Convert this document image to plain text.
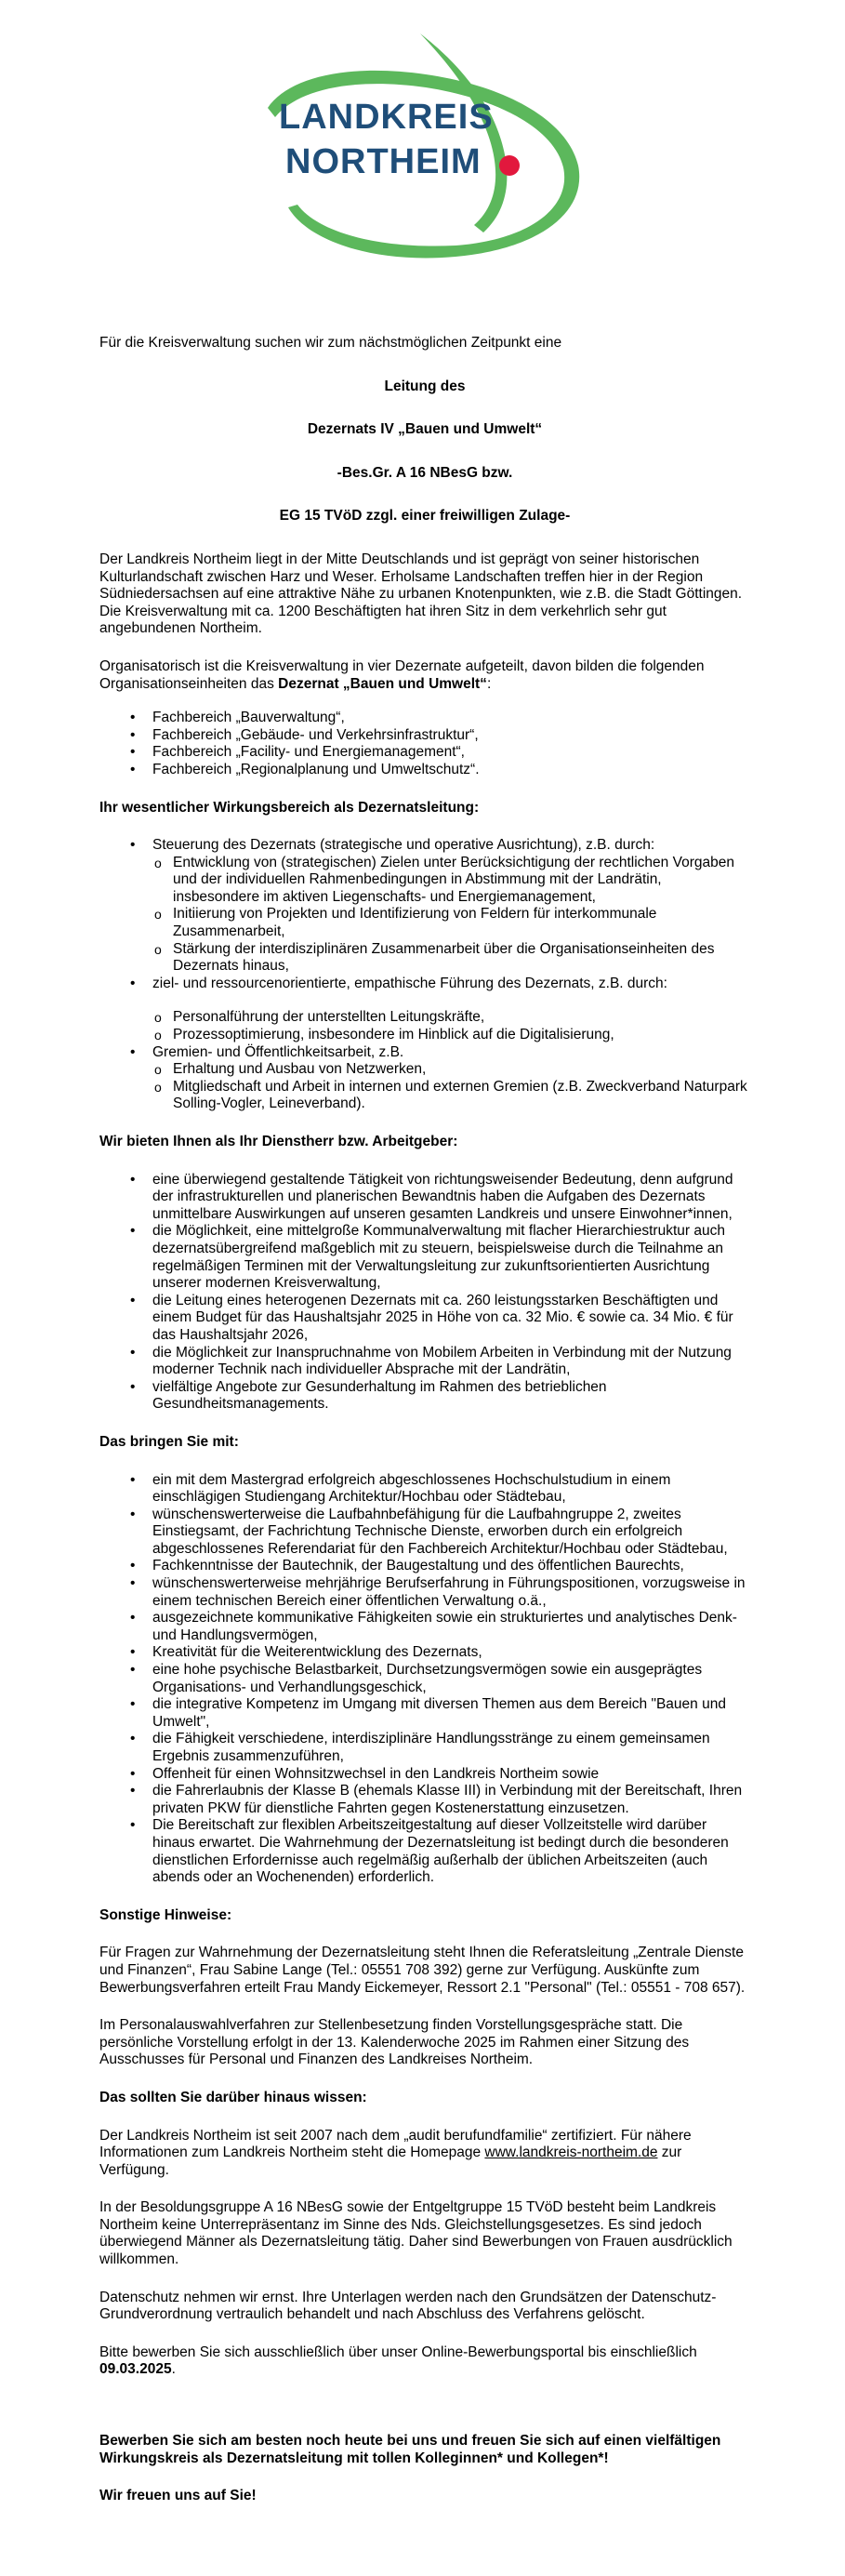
LANDKREIS
NORTHEIM

Für die Kreisverwaltung suchen wir zum nächstmöglichen Zeitpunkt eine

Leitung des

Dezernats IV „Bauen und Umwelt“

-Bes.Gr. A 16 NBesG bzw.

EG 15 TVöD zzgl. einer freiwilligen Zulage-

Der Landkreis Northeim liegt in der Mitte Deutschlands und ist geprägt von seiner historischen Kulturlandschaft zwischen Harz und Weser. Erholsame Landschaften treffen hier in der Region Südniedersachsen auf eine attraktive Nähe zu urbanen Knotenpunkten, wie z.B. die Stadt Göttingen. Die Kreisverwaltung mit ca. 1200 Beschäftigten hat ihren Sitz in dem verkehrlich sehr gut angebundenen Northeim.

Organisatorisch ist die Kreisverwaltung in vier Dezernate aufgeteilt, davon bilden die folgenden Organisationseinheiten das Dezernat „Bauen und Umwelt“:

• Fachbereich „Bauverwaltung“,
• Fachbereich „Gebäude- und Verkehrsinfrastruktur“,
• Fachbereich „Facility- und Energiemanagement“,
• Fachbereich „Regionalplanung und Umweltschutz“.

Ihr wesentlicher Wirkungsbereich als Dezernatsleitung:

• Steuerung des Dezernats (strategische und operative Ausrichtung), z.B. durch:
o Entwicklung von (strategischen) Zielen unter Berücksichtigung der rechtlichen Vorgaben und der individuellen Rahmenbedingungen in Abstimmung mit der Landrätin, insbesondere im aktiven Liegenschafts- und Energiemanagement,
o Initiierung von Projekten und Identifizierung von Feldern für interkommunale Zusammenarbeit,
o Stärkung der interdisziplinären Zusammenarbeit über die Organisationseinheiten des Dezernats hinaus,
• ziel- und ressourcenorientierte, empathische Führung des Dezernats, z.B. durch:
o Personalführung der unterstellten Leitungskräfte,
o Prozessoptimierung, insbesondere im Hinblick auf die Digitalisierung,
• Gremien- und Öffentlichkeitsarbeit, z.B.
o Erhaltung und Ausbau von Netzwerken,
o Mitgliedschaft und Arbeit in internen und externen Gremien (z.B. Zweckverband Naturpark Solling-Vogler, Leineverband).

Wir bieten Ihnen als Ihr Dienstherr bzw. Arbeitgeber:

• eine überwiegend gestaltende Tätigkeit von richtungsweisender Bedeutung, denn aufgrund der infrastrukturellen und planerischen Bewandtnis haben die Aufgaben des Dezernats unmittelbare Auswirkungen auf unseren gesamten Landkreis und unsere Einwohner*innen,
• die Möglichkeit, eine mittelgroße Kommunalverwaltung mit flacher Hierarchiestruktur auch dezernatsübergreifend maßgeblich mit zu steuern, beispielsweise durch die Teilnahme an regelmäßigen Terminen mit der Verwaltungsleitung zur zukunftsorientierten Ausrichtung unserer modernen Kreisverwaltung,
• die Leitung eines heterogenen Dezernats mit ca. 260 leistungsstarken Beschäftigten und einem Budget für das Haushaltsjahr 2025 in Höhe von ca. 32 Mio. € sowie ca. 34 Mio. € für das Haushaltsjahr 2026,
• die Möglichkeit zur Inanspruchnahme von Mobilem Arbeiten in Verbindung mit der Nutzung moderner Technik nach individueller Absprache mit der Landrätin,
• vielfältige Angebote zur Gesunderhaltung im Rahmen des betrieblichen Gesundheitsmanagements.

Das bringen Sie mit:

• ein mit dem Mastergrad erfolgreich abgeschlossenes Hochschulstudium in einem einschlägigen Studiengang Architektur/Hochbau oder Städtebau,
• wünschenswerterweise die Laufbahnbefähigung für die Laufbahngruppe 2, zweites Einstiegsamt, der Fachrichtung Technische Dienste, erworben durch ein erfolgreich abgeschlossenes Referendariat für den Fachbereich Architektur/Hochbau oder Städtebau,
• Fachkenntnisse der Bautechnik, der Baugestaltung und des öffentlichen Baurechts,
• wünschenswerterweise mehrjährige Berufserfahrung in Führungspositionen, vorzugsweise in einem technischen Bereich einer öffentlichen Verwaltung o.ä.,
• ausgezeichnete kommunikative Fähigkeiten sowie ein strukturiertes und analytisches Denk- und Handlungsvermögen,
• Kreativität für die Weiterentwicklung des Dezernats,
• eine hohe psychische Belastbarkeit, Durchsetzungsvermögen sowie ein ausgeprägtes Organisations- und Verhandlungsgeschick,
• die integrative Kompetenz im Umgang mit diversen Themen aus dem Bereich "Bauen und Umwelt",
• die Fähigkeit verschiedene, interdisziplinäre Handlungsstränge zu einem gemeinsamen Ergebnis zusammenzuführen,
• Offenheit für einen Wohnsitzwechsel in den Landkreis Northeim sowie
• die Fahrerlaubnis der Klasse B (ehemals Klasse III) in Verbindung mit der Bereitschaft, Ihren privaten PKW für dienstliche Fahrten gegen Kostenerstattung einzusetzen.
• Die Bereitschaft zur flexiblen Arbeitszeitgestaltung auf dieser Vollzeitstelle wird darüber hinaus erwartet. Die Wahrnehmung der Dezernatsleitung ist bedingt durch die besonderen dienstlichen Erfordernisse auch regelmäßig außerhalb der üblichen Arbeitszeiten (auch abends oder an Wochenenden) erforderlich.

Sonstige Hinweise:

Für Fragen zur Wahrnehmung der Dezernatsleitung steht Ihnen die Referatsleitung „Zentrale Dienste und Finanzen“, Frau Sabine Lange (Tel.: 05551 708 392) gerne zur Verfügung. Auskünfte zum Bewerbungsverfahren erteilt Frau Mandy Eickemeyer, Ressort 2.1 "Personal" (Tel.: 05551 - 708 657).

Im Personalauswahlverfahren zur Stellenbesetzung finden Vorstellungsgespräche statt. Die persönliche Vorstellung erfolgt in der 13. Kalenderwoche 2025 im Rahmen einer Sitzung des Ausschusses für Personal und Finanzen des Landkreises Northeim.

Das sollten Sie darüber hinaus wissen:

Der Landkreis Northeim ist seit 2007 nach dem „audit berufundfamilie“ zertifiziert. Für nähere Informationen zum Landkreis Northeim steht die Homepage www.landkreis-northeim.de zur Verfügung.

In der Besoldungsgruppe A 16 NBesG sowie der Entgeltgruppe 15 TVöD besteht beim Landkreis Northeim keine Unterrepräsentanz im Sinne des Nds. Gleichstellungsgesetzes. Es sind jedoch überwiegend Männer als Dezernatsleitung tätig. Daher sind Bewerbungen von Frauen ausdrücklich willkommen.

Datenschutz nehmen wir ernst. Ihre Unterlagen werden nach den Grundsätzen der Datenschutz-Grundverordnung vertraulich behandelt und nach Abschluss des Verfahrens gelöscht.

Bitte bewerben Sie sich ausschließlich über unser Online-Bewerbungsportal bis einschließlich 09.03.2025.

Bewerben Sie sich am besten noch heute bei uns und freuen Sie sich auf einen vielfältigen Wirkungskreis als Dezernatsleitung mit tollen Kolleginnen* und Kollegen*!

Wir freuen uns auf Sie!
